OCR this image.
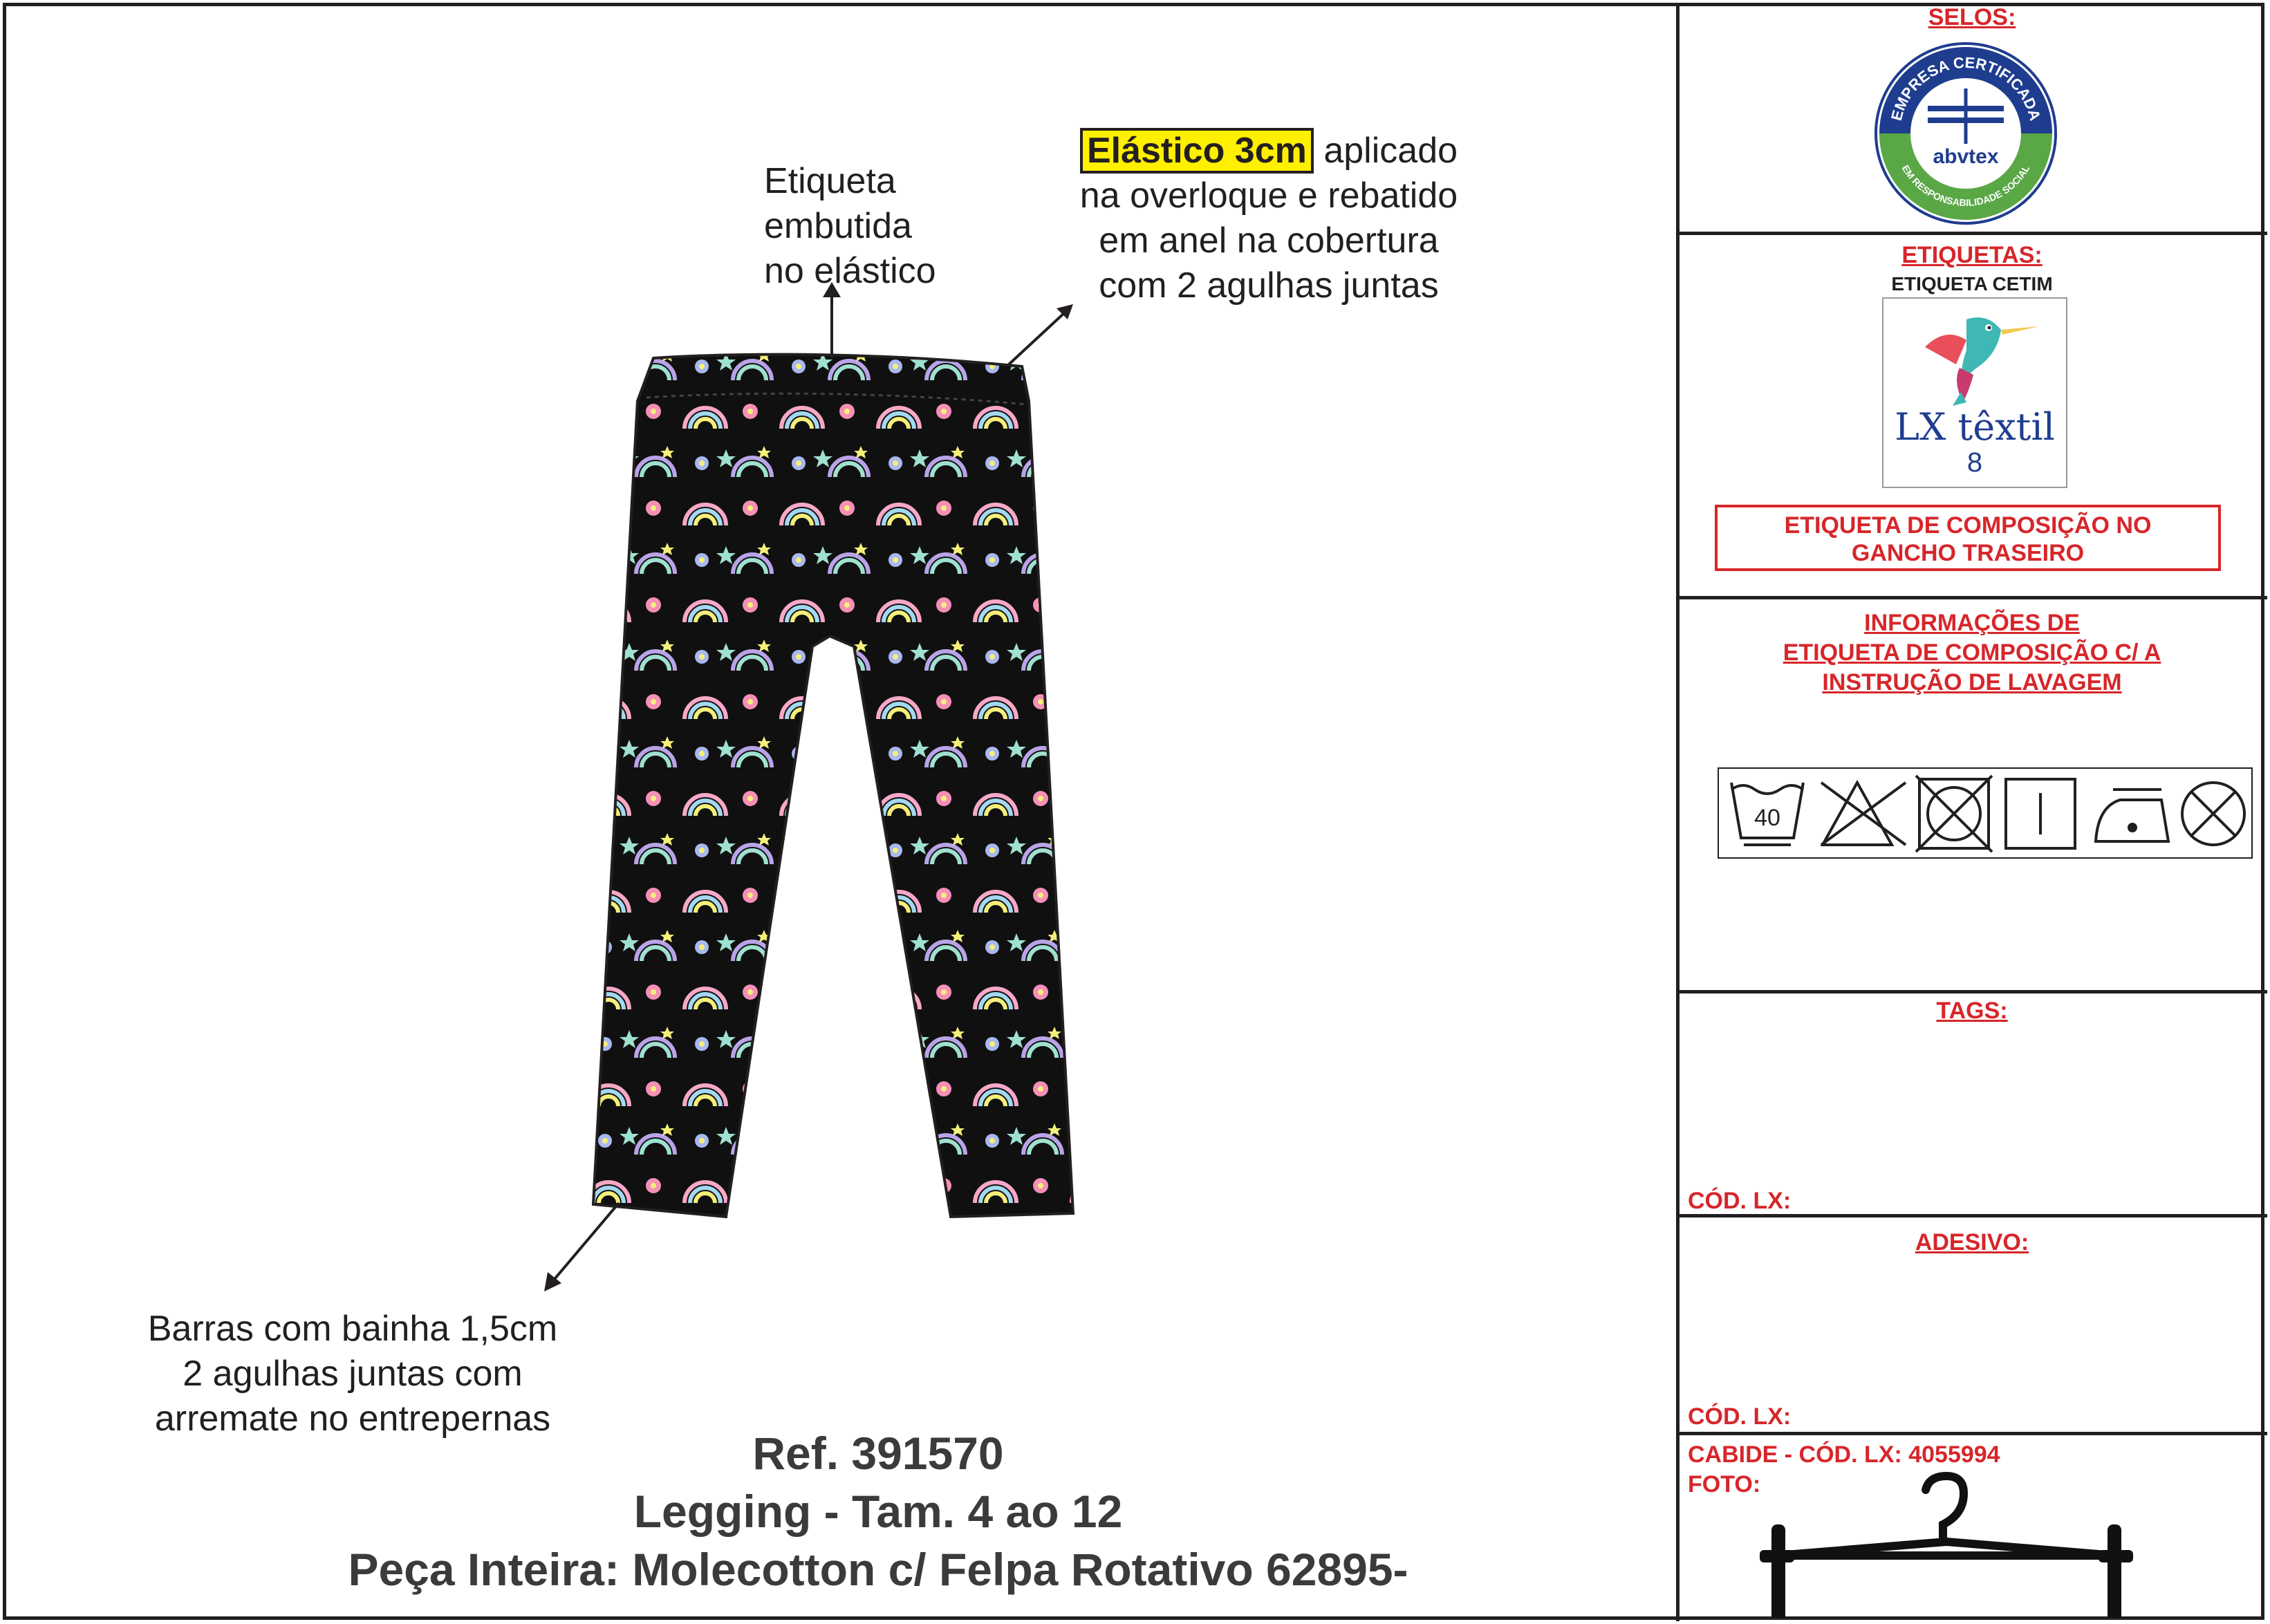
Etiqueta
embutida
no elástico
Elástico 3cm aplicado
na overloque e rebatido
em anel na cobertura
com 2 agulhas juntas
Barras com bainha 1,5cm
2 agulhas juntas com
arremate no entrepernas
Ref. 391570
Legging - Tam. 4 ao 12
Peça Inteira: Molecotton c/ Felpa Rotativo 62895-
SELOS:
EMPRESA CERTIFICADA
EM RESPONSABILIDADE SOCIAL
abvtex
ETIQUETAS:
ETIQUETA CETIM
LX têxtil
8
ETIQUETA DE COMPOSIÇÃO NO
GANCHO TRASEIRO
INFORMAÇÕES DE
ETIQUETA DE COMPOSIÇÃO C/ A
INSTRUÇÃO DE LAVAGEM
40
TAGS:
CÓD. LX:
ADESIVO:
CÓD. LX:
CABIDE - CÓD. LX: 4055994
FOTO:
